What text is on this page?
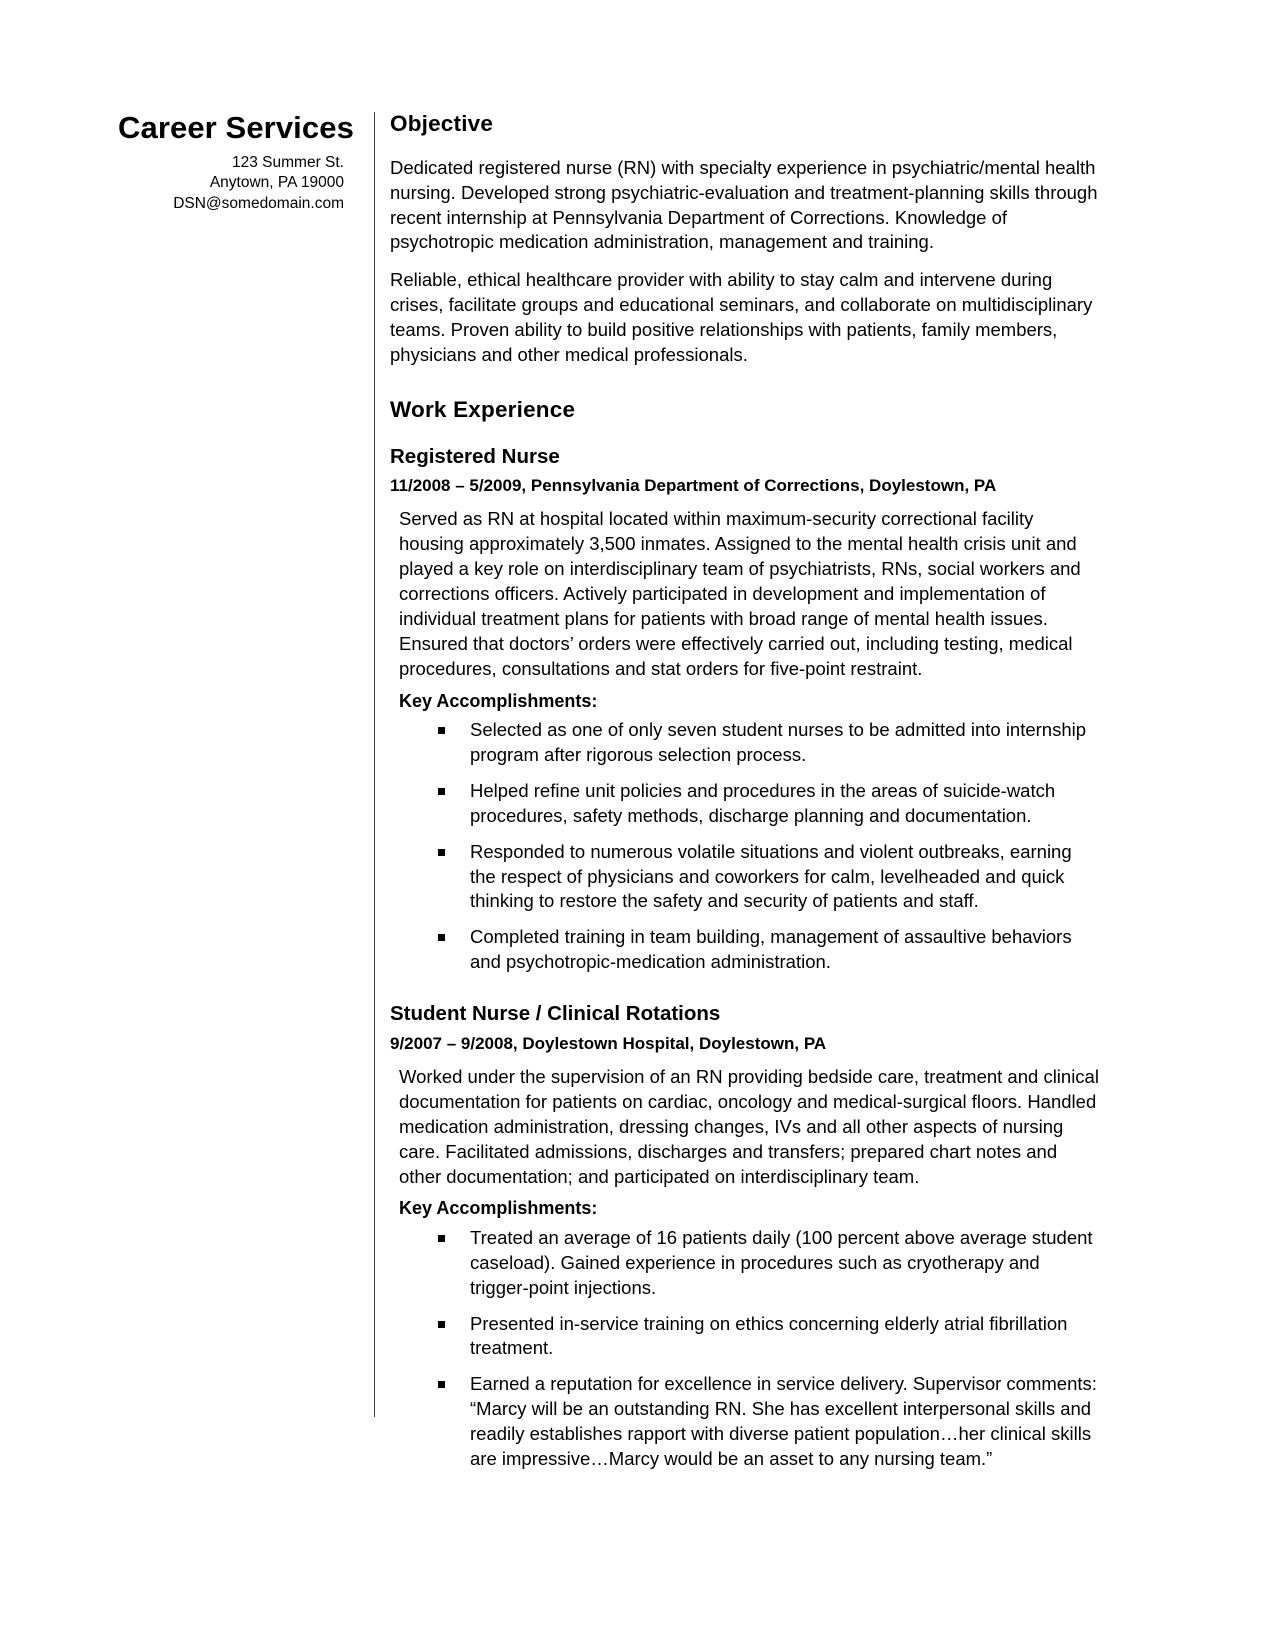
Career Services
123 Summer St.
Anytown, PA 19000
DSN@somedomain.com
Objective

Dedicated registered nurse (RN) with specialty experience in psychiatric/mental health nursing. Developed strong psychiatric-evaluation and treatment-planning skills through recent internship at Pennsylvania Department of Corrections. Knowledge of psychotropic medication administration, management and training.

Reliable, ethical healthcare provider with ability to stay calm and intervene during crises, facilitate groups and educational seminars, and collaborate on multidisciplinary teams. Proven ability to build positive relationships with patients, family members, physicians and other medical professionals.

Work Experience
Registered Nurse
11/2008 – 5/2009, Pennsylvania Department of Corrections, Doylestown, PA

Served as RN at hospital located within maximum-security correctional facility housing approximately 3,500 inmates. Assigned to the mental health crisis unit and played a key role on interdisciplinary team of psychiatrists, RNs, social workers and corrections officers. Actively participated in development and implementation of individual treatment plans for patients with broad range of mental health issues. Ensured that doctors’ orders were effectively carried out, including testing, medical procedures, consultations and stat orders for five-point restraint.

Key Accomplishments:
Selected as one of only seven student nurses to be admitted into internship program after rigorous selection process.
Helped refine unit policies and procedures in the areas of suicide-watch procedures, safety methods, discharge planning and documentation.
Responded to numerous volatile situations and violent outbreaks, earning the respect of physicians and coworkers for calm, levelheaded and quick thinking to restore the safety and security of patients and staff.
Completed training in team building, management of assaultive behaviors and psychotropic-medication administration.
Student Nurse / Clinical Rotations
9/2007 – 9/2008, Doylestown Hospital, Doylestown, PA

Worked under the supervision of an RN providing bedside care, treatment and clinical documentation for patients on cardiac, oncology and medical-surgical floors. Handled medication administration, dressing changes, IVs and all other aspects of nursing care. Facilitated admissions, discharges and transfers; prepared chart notes and other documentation; and participated on interdisciplinary team.

Key Accomplishments:
Treated an average of 16 patients daily (100 percent above average student caseload). Gained experience in procedures such as cryotherapy and trigger-point injections.
Presented in-service training on ethics concerning elderly atrial fibrillation treatment.
Earned a reputation for excellence in service delivery. Supervisor comments: “Marcy will be an outstanding RN. She has excellent interpersonal skills and readily establishes rapport with diverse patient population…her clinical skills are impressive…Marcy would be an asset to any nursing team.”
